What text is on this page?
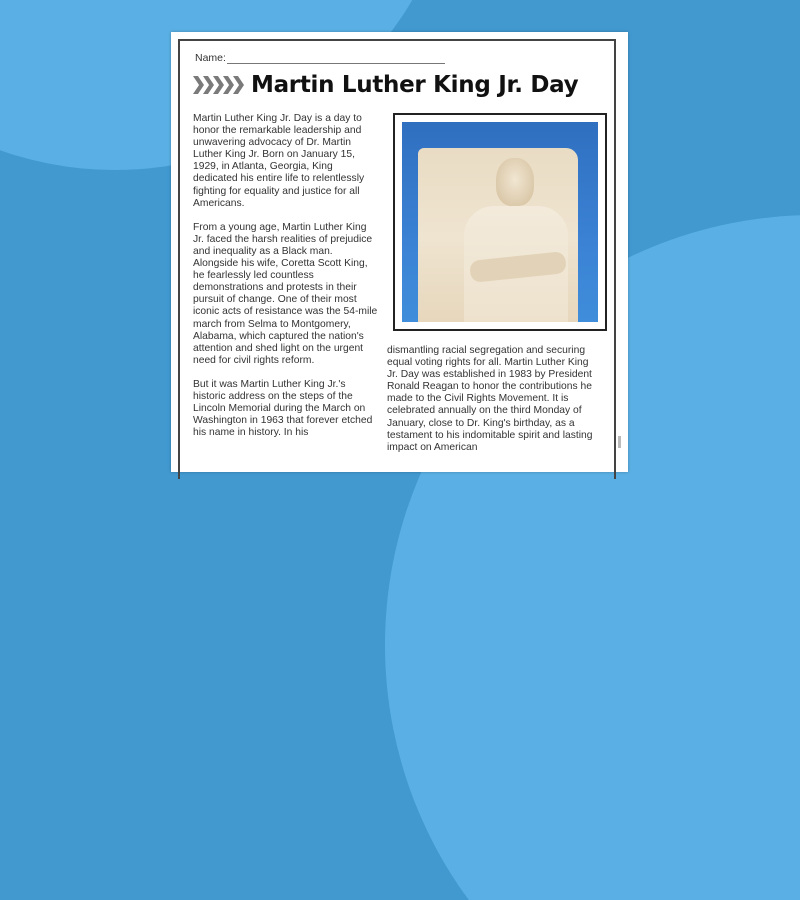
Name:
Martin Luther King Jr. Day

Martin Luther King Jr. Day is a day to honor the remarkable leadership and unwavering advocacy of Dr. Martin Luther King Jr. Born on January 15, 1929, in Atlanta, Georgia, King dedicated his entire life to relentlessly fighting for equality and justice for all Americans.

From a young age, Martin Luther King Jr. faced the harsh realities of prejudice and inequality as a Black man. Alongside his wife, Coretta Scott King, he fearlessly led countless demonstrations and protests in their pursuit of change. One of their most iconic acts of resistance was the 54-mile march from Selma to Montgomery, Alabama, which captured the nation's attention and shed light on the urgent need for civil rights reform.

But it was Martin Luther King Jr.'s historic address on the steps of the Lincoln Memorial during the March on Washington in 1963 that forever etched his name in history. In his

dismantling racial segregation and securing equal voting rights for all. Martin Luther King Jr. Day was established in 1983 by President Ronald Reagan to honor the contributions he made to the Civil Rights Movement. It is celebrated annually on the third Monday of January, close to Dr. King's birthday, as a testament to his indomitable spirit and lasting impact on American
